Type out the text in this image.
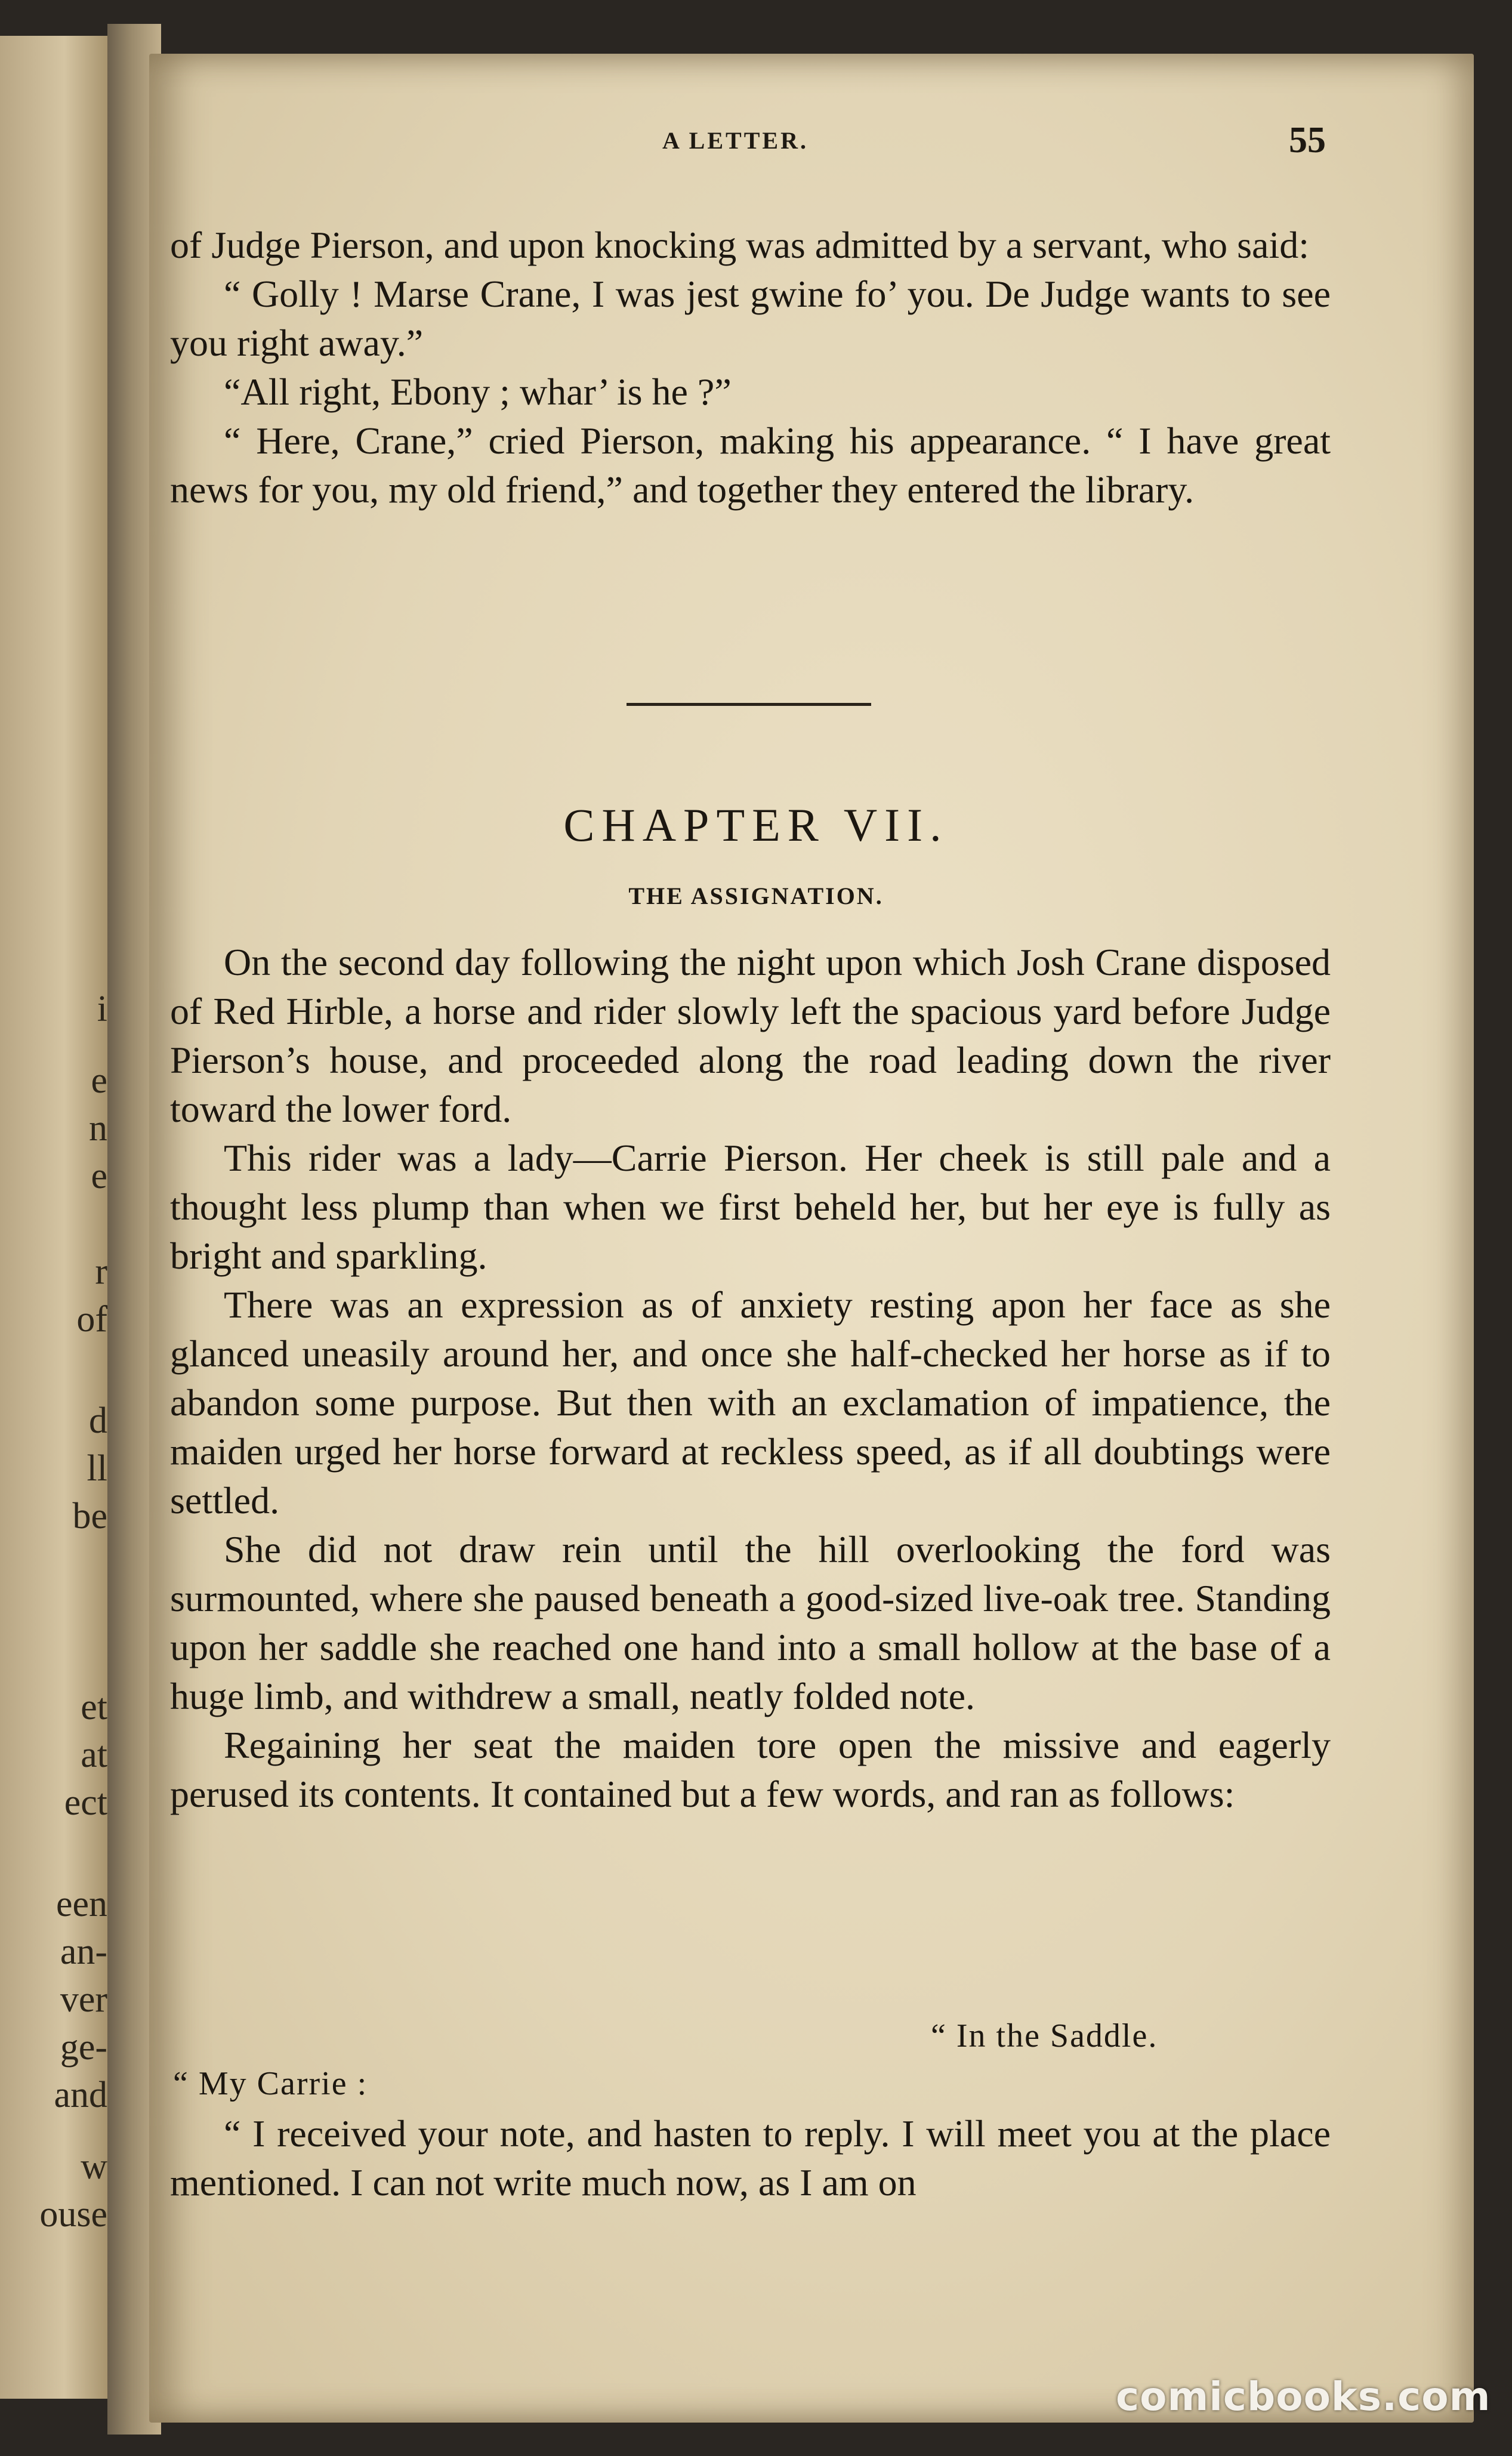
i
e
n
e
r
of
d
ll
be
et
at
ect
een
an-
ver
ge-
and
w
ouse
A LETTER.	55

of Judge Pierson, and upon knocking was admitted by a servant, who said:

“ Golly ! Marse Crane, I was jest gwine fo’ you. De Judge wants to see you right away.”

“All right, Ebony ; whar’ is he ?”

“ Here, Crane,” cried Pierson, making his appearance. “ I have great news for you, my old friend,” and together they entered the library.

CHAPTER VII.
THE ASSIGNATION.

On the second day following the night upon which Josh Crane disposed of Red Hirble, a horse and rider slowly left the spacious yard before Judge Pierson’s house, and proceeded along the road leading down the river toward the lower ford.

This rider was a lady—Carrie Pierson. Her cheek is still pale and a thought less plump than when we first beheld her, but her eye is fully as bright and sparkling.

There was an expression as of anxiety resting apon her face as she glanced uneasily around her, and once she half-checked her horse as if to abandon some purpose. But then with an exclamation of impatience, the maiden urged her horse forward at reckless speed, as if all doubtings were settled.

She did not draw rein until the hill overlooking the ford was surmounted, where she paused beneath a good-sized live-oak tree. Standing upon her saddle she reached one hand into a small hollow at the base of a huge limb, and withdrew a small, neatly folded note.

Regaining her seat the maiden tore open the missive and eagerly perused its contents. It contained but a few words, and ran as follows:

“ In the Saddle.
“ My Carrie :

“ I received your note, and hasten to reply. I will meet you at the place mentioned. I can not write much now, as I am on

comicbooks.com
